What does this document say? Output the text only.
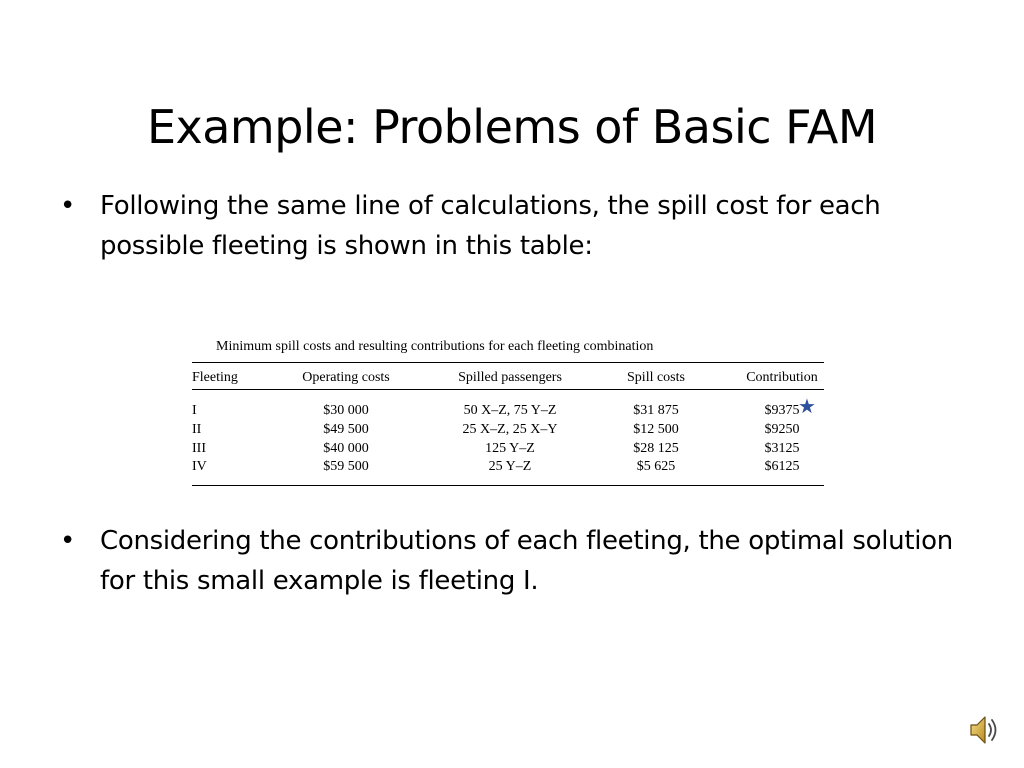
Example: Problems of Basic FAM
• Following the same line of calculations, the spill cost for each possible fleeting is shown in this table:
Minimum spill costs and resulting contributions for each fleeting combination
Fleeting	Operating costs	Spilled passengers	Spill costs	Contribution
I	$30 000	50 X–Z, 75 Y–Z	$31 875	$9375
★
II	$49 500	25 X–Z, 25 X–Y	$12 500	$9250
III	$40 000	125 Y–Z	$28 125	$3125
IV	$59 500	25 Y–Z	$5 625	$6125
• Considering the contributions of each fleeting, the optimal solution for this small example is fleeting I.
